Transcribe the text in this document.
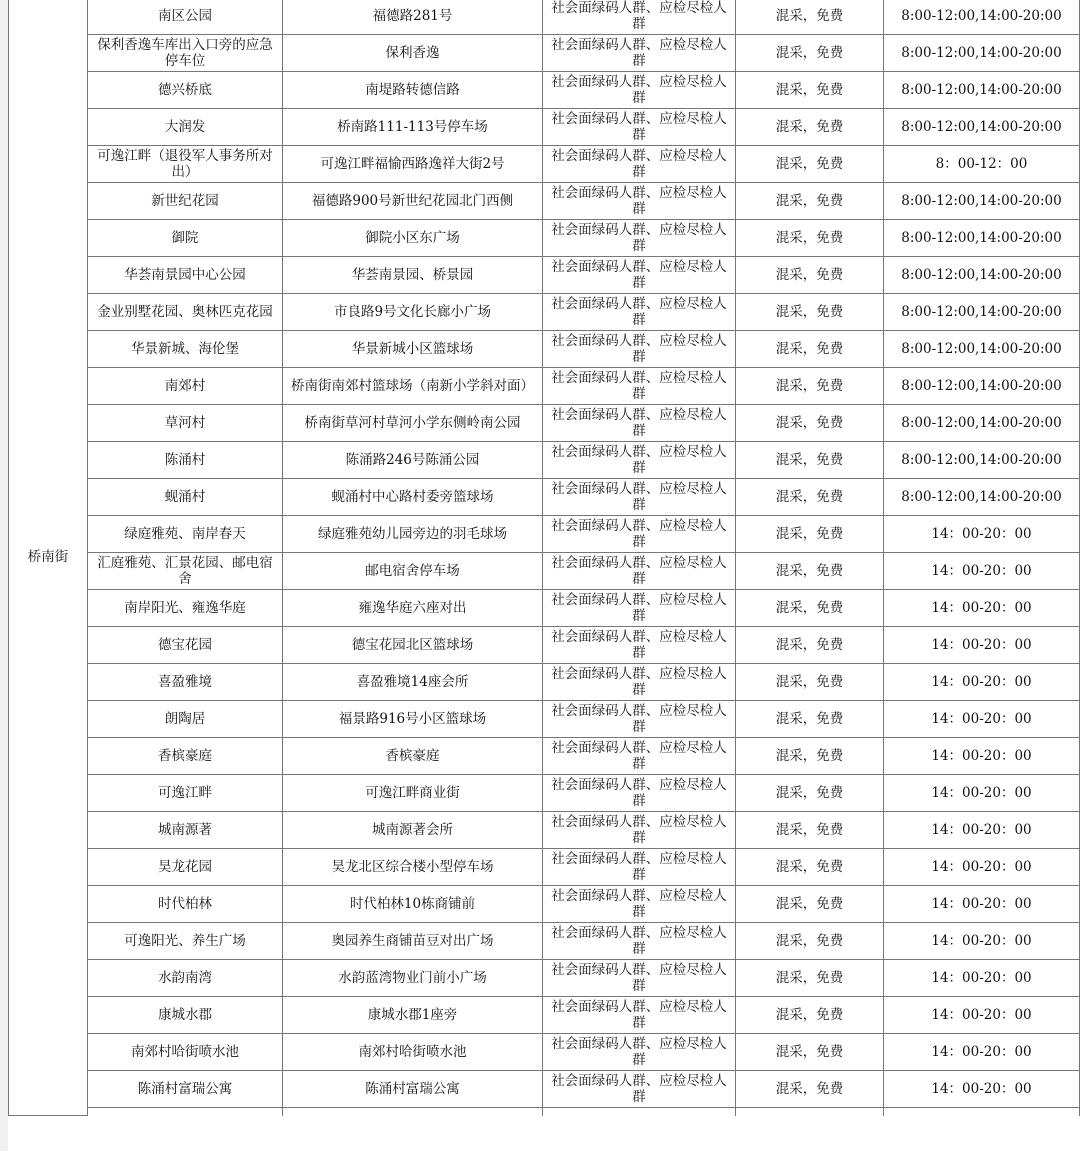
桥南街	南区公园	福德路281号	社会面绿码人群、应检尽检人群	混采，免费	8:00-12:00,14:00-20:00
	保利香逸车库出入口旁的应急停车位	保利香逸	社会面绿码人群、应检尽检人群	混采，免费	8:00-12:00,14:00-20:00
	德兴桥底	南堤路转德信路	社会面绿码人群、应检尽检人群	混采，免费	8:00-12:00,14:00-20:00
	大润发	桥南路111-113号停车场	社会面绿码人群、应检尽检人群	混采，免费	8:00-12:00,14:00-20:00
	可逸江畔（退役军人事务所对出）	可逸江畔福愉西路逸祥大街2号	社会面绿码人群、应检尽检人群	混采，免费	8：00-12：00
	新世纪花园	福德路900号新世纪花园北门西侧	社会面绿码人群、应检尽检人群	混采，免费	8:00-12:00,14:00-20:00
	御院	御院小区东广场	社会面绿码人群、应检尽检人群	混采，免费	8:00-12:00,14:00-20:00
	华荟南景园中心公园	华荟南景园、桥景园	社会面绿码人群、应检尽检人群	混采，免费	8:00-12:00,14:00-20:00
	金业别墅花园、奥林匹克花园	市良路9号文化长廊小广场	社会面绿码人群、应检尽检人群	混采，免费	8:00-12:00,14:00-20:00
	华景新城、海伦堡	华景新城小区篮球场	社会面绿码人群、应检尽检人群	混采，免费	8:00-12:00,14:00-20:00
	南郊村	桥南街南郊村篮球场（南新小学斜对面）	社会面绿码人群、应检尽检人群	混采，免费	8:00-12:00,14:00-20:00
	草河村	桥南街草河村草河小学东侧岭南公园	社会面绿码人群、应检尽检人群	混采，免费	8:00-12:00,14:00-20:00
	陈涌村	陈涌路246号陈涌公园	社会面绿码人群、应检尽检人群	混采，免费	8:00-12:00,14:00-20:00
	蚬涌村	蚬涌村中心路村委旁篮球场	社会面绿码人群、应检尽检人群	混采，免费	8:00-12:00,14:00-20:00
	绿庭雅苑、南岸春天	绿庭雅苑幼儿园旁边的羽毛球场	社会面绿码人群、应检尽检人群	混采，免费	14：00-20：00
	汇庭雅苑、汇景花园、邮电宿舍	邮电宿舍停车场	社会面绿码人群、应检尽检人群	混采，免费	14：00-20：00
	南岸阳光、雍逸华庭	雍逸华庭六座对出	社会面绿码人群、应检尽检人群	混采，免费	14：00-20：00
	德宝花园	德宝花园北区篮球场	社会面绿码人群、应检尽检人群	混采，免费	14：00-20：00
	喜盈雅境	喜盈雅境14座会所	社会面绿码人群、应检尽检人群	混采，免费	14：00-20：00
	朗陶居	福景路916号小区篮球场	社会面绿码人群、应检尽检人群	混采，免费	14：00-20：00
	香槟豪庭	香槟豪庭	社会面绿码人群、应检尽检人群	混采，免费	14：00-20：00
	可逸江畔	可逸江畔商业街	社会面绿码人群、应检尽检人群	混采，免费	14：00-20：00
	城南源著	城南源著会所	社会面绿码人群、应检尽检人群	混采，免费	14：00-20：00
	昊龙花园	昊龙北区综合楼小型停车场	社会面绿码人群、应检尽检人群	混采，免费	14：00-20：00
	时代柏林	时代柏林10栋商铺前	社会面绿码人群、应检尽检人群	混采，免费	14：00-20：00
	可逸阳光、养生广场	奥园养生商铺苗豆对出广场	社会面绿码人群、应检尽检人群	混采，免费	14：00-20：00
	水韵南湾	水韵蓝湾物业门前小广场	社会面绿码人群、应检尽检人群	混采，免费	14：00-20：00
	康城水郡	康城水郡1座旁	社会面绿码人群、应检尽检人群	混采，免费	14：00-20：00
	南郊村哈街喷水池	南郊村哈街喷水池	社会面绿码人群、应检尽检人群	混采，免费	14：00-20：00
	陈涌村富瑞公寓	陈涌村富瑞公寓	社会面绿码人群、应检尽检人群	混采，免费	14：00-20：00
